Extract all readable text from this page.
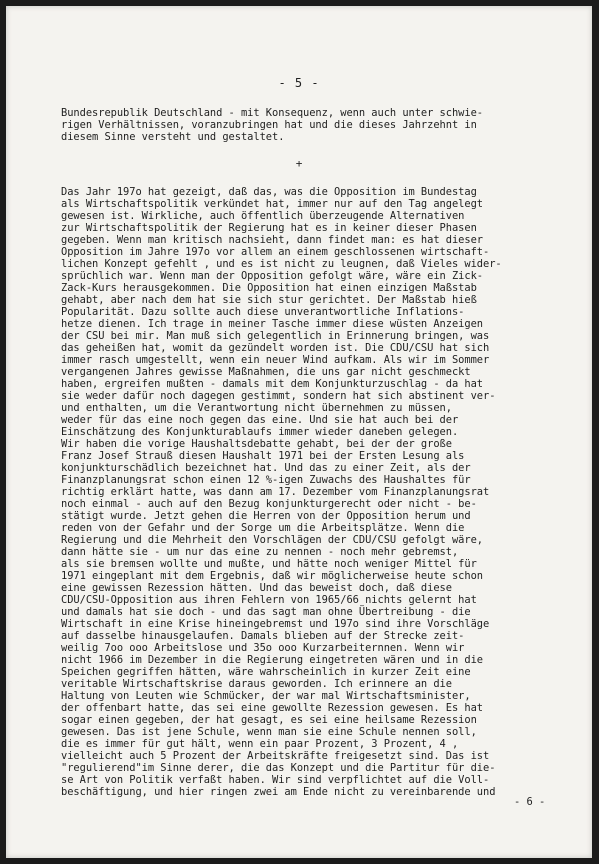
- 5 -
+
- 6 -
Bundesrepublik Deutschland - mit Konsequenz, wenn auch unter schwie-
rigen Verhältnissen, voranzubringen hat und die dieses Jahrzehnt in
diesem Sinne versteht und gestaltet.
Das Jahr 197o hat gezeigt, daß das, was die Opposition im Bundestag
als Wirtschaftspolitik verkündet hat, immer nur auf den Tag angelegt
gewesen ist. Wirkliche, auch öffentlich überzeugende Alternativen
zur Wirtschaftspolitik der Regierung hat es in keiner dieser Phasen
gegeben. Wenn man kritisch nachsieht, dann findet man: es hat dieser
Opposition im Jahre 197o vor allem an einem geschlossenen wirtschaft-
lichen Konzept gefehlt , und es ist nicht zu leugnen, daß Vieles wider-
sprüchlich war. Wenn man der Opposition gefolgt wäre, wäre ein Zick-
Zack-Kurs herausgekommen. Die Opposition hat einen einzigen Maßstab
gehabt, aber nach dem hat sie sich stur gerichtet. Der Maßstab hieß
Popularität. Dazu sollte auch diese unverantwortliche Inflations-
hetze dienen. Ich trage in meiner Tasche immer diese wüsten Anzeigen
der CSU bei mir. Man muß sich gelegentlich in Erinnerung bringen, was
das geheißen hat, womit da gezündelt worden ist. Die CDU/CSU hat sich
immer rasch umgestellt, wenn ein neuer Wind aufkam. Als wir im Sommer
vergangenen Jahres gewisse Maßnahmen, die uns gar nicht geschmeckt
haben, ergreifen mußten - damals mit dem Konjunkturzuschlag - da hat
sie weder dafür noch dagegen gestimmt, sondern hat sich abstinent ver-
und enthalten, um die Verantwortung nicht übernehmen zu müssen,
weder für das eine noch gegen das eine. Und sie hat auch bei der
Einschätzung des Konjunkturablaufs immer wieder daneben gelegen.
Wir haben die vorige Haushaltsdebatte gehabt, bei der der große
Franz Josef Strauß diesen Haushalt 1971 bei der Ersten Lesung als
konjunkturschädlich bezeichnet hat. Und das zu einer Zeit, als der
Finanzplanungsrat schon einen 12 %-igen Zuwachs des Haushaltes für
richtig erklärt hatte, was dann am 17. Dezember vom Finanzplanungsrat
noch einmal - auch auf den Bezug konjunkturgerecht oder nicht - be-
stätigt wurde. Jetzt gehen die Herren von der Opposition herum und
reden von der Gefahr und der Sorge um die Arbeitsplätze. Wenn die
Regierung und die Mehrheit den Vorschlägen der CDU/CSU gefolgt wäre,
dann hätte sie - um nur das eine zu nennen - noch mehr gebremst,
als sie bremsen wollte und mußte, und hätte noch weniger Mittel für
1971 eingeplant mit dem Ergebnis, daß wir möglicherweise heute schon
eine gewissen Rezession hätten. Und das beweist doch, daß diese
CDU/CSU-Opposition aus ihren Fehlern von 1965/66 nichts gelernt hat
und damals hat sie doch - und das sagt man ohne Übertreibung - die
Wirtschaft in eine Krise hineingebremst und 197o sind ihre Vorschläge
auf dasselbe hinausgelaufen. Damals blieben auf der Strecke zeit-
weilig 7oo ooo Arbeitslose und 35o ooo Kurzarbeiternnen. Wenn wir
nicht 1966 im Dezember in die Regierung eingetreten wären und in die
Speichen gegriffen hätten, wäre wahrscheinlich in kurzer Zeit eine
veritable Wirtschaftskrise daraus geworden. Ich erinnere an die
Haltung von Leuten wie Schmücker, der war mal Wirtschaftsminister,
der offenbart hatte, das sei eine gewollte Rezession gewesen. Es hat
sogar einen gegeben, der hat gesagt, es sei eine heilsame Rezession
gewesen. Das ist jene Schule, wenn man sie eine Schule nennen soll,
die es immer für gut hält, wenn ein paar Prozent, 3 Prozent, 4 ,
vielleicht auch 5 Prozent der Arbeitskräfte freigesetzt sind. Das ist
"regulierend"im Sinne derer, die das Konzept und die Partitur für die-
se Art von Politik verfaßt haben. Wir sind verpflichtet auf die Voll-
beschäftigung, und hier ringen zwei am Ende nicht zu vereinbarende und
